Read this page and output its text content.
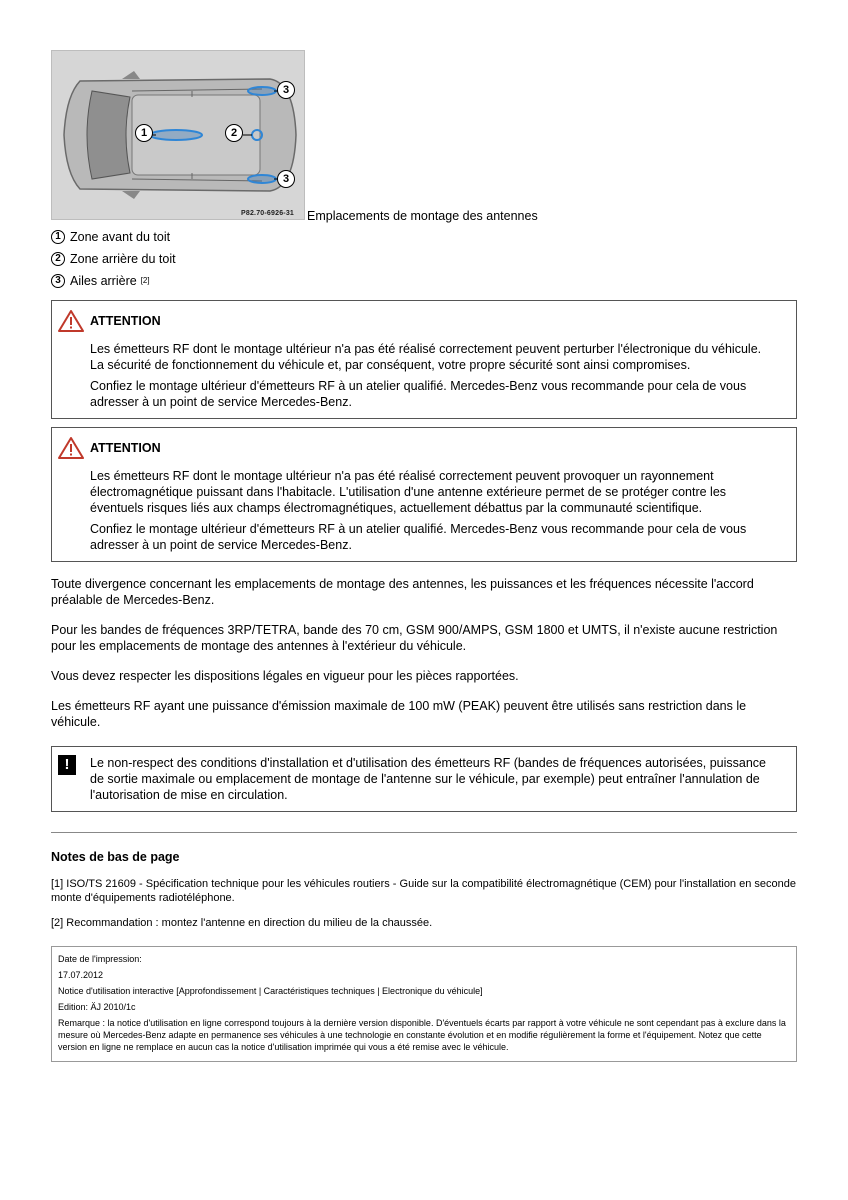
1	2
3
3
P82.70-6926-31 Emplacements de montage des antennes
1 Zone avant du toit
2 Zone arrière du toit
3 Ailes arrière [2]
ATTENTION

Les émetteurs RF dont le montage ultérieur n'a pas été réalisé correctement peuvent perturber l'électronique du véhicule. La sécurité de fonctionnement du véhicule et, par conséquent, votre propre sécurité sont ainsi compromises.

Confiez le montage ultérieur d'émetteurs RF à un atelier qualifié. Mercedes-Benz vous recommande pour cela de vous adresser à un point de service Mercedes-Benz.

ATTENTION

Les émetteurs RF dont le montage ultérieur n'a pas été réalisé correctement peuvent provoquer un rayonnement électromagnétique puissant dans l'habitacle. L'utilisation d'une antenne extérieure permet de se protéger contre les éventuels risques liés aux champs électromagnétiques, actuellement débattus par la communauté scientifique.

Confiez le montage ultérieur d'émetteurs RF à un atelier qualifié. Mercedes-Benz vous recommande pour cela de vous adresser à un point de service Mercedes-Benz.

Toute divergence concernant les emplacements de montage des antennes, les puissances et les fréquences nécessite l'accord préalable de Mercedes-Benz.

Pour les bandes de fréquences 3RP/TETRA, bande des 70 cm, GSM 900/AMPS, GSM 1800 et UMTS, il n'existe aucune restriction pour les emplacements de montage des antennes à l'extérieur du véhicule.

Vous devez respecter les dispositions légales en vigueur pour les pièces rapportées.

Les émetteurs RF ayant une puissance d'émission maximale de 100 mW (PEAK) peuvent être utilisés sans restriction dans le véhicule.

!	Le non-respect des conditions d'installation et d'utilisation des émetteurs RF (bandes de fréquences autorisées, puissance de sortie maximale ou emplacement de montage de l'antenne sur le véhicule, par exemple) peut entraîner l'annulation de l'autorisation de mise en circulation.
Notes de bas de page
[1] ISO/TS 21609 - Spécification technique pour les véhicules routiers - Guide sur la compatibilité électromagnétique (CEM) pour l'installation en seconde monte d'équipements radiotéléphone.
[2] Recommandation : montez l'antenne en direction du milieu de la chaussée.
Date de l'impression:
17.07.2012
Notice d'utilisation interactive [Approfondissement | Caractéristiques techniques | Electronique du véhicule]
Edition: ÄJ 2010/1c
Remarque : la notice d'utilisation en ligne correspond toujours à la dernière version disponible. D'éventuels écarts par rapport à votre véhicule ne sont cependant pas à exclure dans la mesure où Mercedes-Benz adapte en permanence ses véhicules à une technologie en constante évolution et en modifie régulièrement la forme et l'équipement. Notez que cette version en ligne ne remplace en aucun cas la notice d'utilisation imprimée qui vous a été remise avec le véhicule.
